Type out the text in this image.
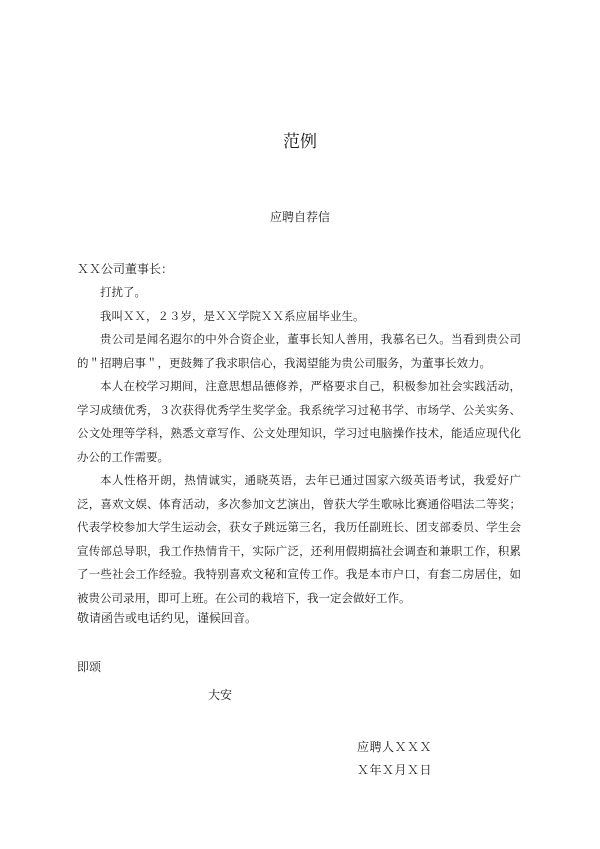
范例
应聘自荐信
ＸＸ公司董事长：

打扰了。

我叫ＸＸ，２３岁，是ＸＸ学院ＸＸ系应届毕业生。

贵公司是闻名遐尔的中外合资企业，董事长知人善用，我慕名已久。当看到贵公司的＂招聘启事＂，更鼓舞了我求职信心，我渴望能为贵公司服务，为董事长效力。

本人在校学习期间，注意思想品德修养，严格要求自己，积极参加社会实践活动，学习成绩优秀，３次获得优秀学生奖学金。我系统学习过秘书学、市场学、公关实务、公文处理等学科，熟悉文章写作、公文处理知识，学习过电脑操作技术，能适应现代化办公的工作需要。

本人性格开朗，热情诚实，通晓英语，去年已通过国家六级英语考试，我爱好广泛，喜欢文娱、体育活动，多次参加文艺演出，曾获大学生歌咏比赛通俗唱法二等奖；代表学校参加大学生运动会，获女子跳远第三名，我历任副班长、团支部委员、学生会宣传部总导职，我工作热情肯干，实际广泛，还利用假期搞社会调查和兼职工作，积累了一些社会工作经验。我特别喜欢文秘和宣传工作。我是本市户口，有套二房居住，如被贵公司录用，即可上班。在公司的栽培下，我一定会做好工作。

敬请函告或电话约见，谨候回音。
即颂
大安
应聘人ＸＸＸ
Ｘ年Ｘ月Ｘ日
